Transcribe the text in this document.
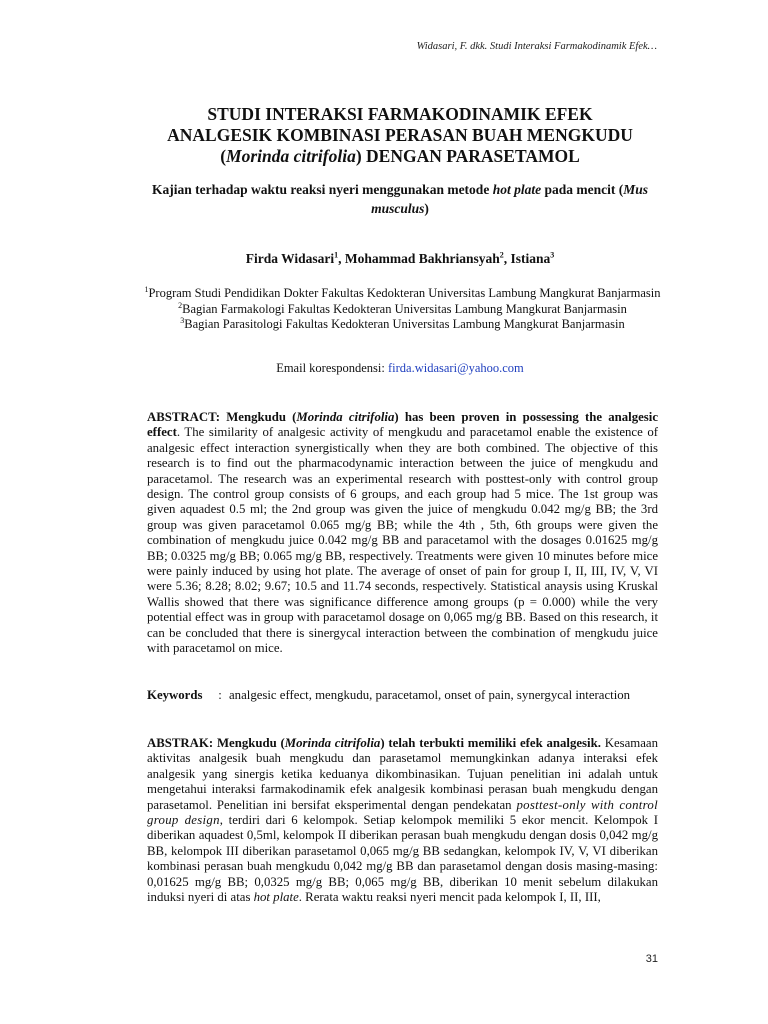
Widasari, F. dkk. Studi Interaksi Farmakodinamik Efek…
STUDI INTERAKSI FARMAKODINAMIK EFEK
ANALGESIK KOMBINASI PERASAN BUAH MENGKUDU
(Morinda citrifolia) DENGAN PARASETAMOL
Kajian terhadap waktu reaksi nyeri menggunakan metode hot plate pada mencit (Mus musculus)
Firda Widasari$^1$, Mohammad Bakhriansyah$^2$, Istiana$^3$
$^1$Program Studi Pendidikan Dokter Fakultas Kedokteran Universitas Lambung Mangkurat Banjarmasin
$^2$Bagian Farmakologi Fakultas Kedokteran Universitas Lambung Mangkurat Banjarmasin
$^3$Bagian Parasitologi Fakultas Kedokteran Universitas Lambung Mangkurat Banjarmasin
Email korespondensi: firda.widasari@yahoo.com

ABSTRACT: Mengkudu (Morinda citrifolia) has been proven in possessing the analgesic effect. The similarity of analgesic activity of mengkudu and paracetamol enable the existence of analgesic effect interaction synergistically when they are both combined. The objective of this research is to find out the pharmacodynamic interaction between the juice of mengkudu and paracetamol. The research was an experimental research with posttest-only with control group design. The control group consists of 6 groups, and each group had 5 mice. The 1st group was given aquadest 0.5 ml; the 2nd group was given the juice of mengkudu 0.042 mg/g BB; the 3rd group was given paracetamol 0.065 mg/g BB; while the 4th , 5th, 6th groups were given the combination of mengkudu juice 0.042 mg/g BB and paracetamol with the dosages 0.01625 mg/g BB; 0.0325 mg/g BB; 0.065 mg/g BB, respectively. Treatments were given 10 minutes before mice were painly induced by using hot plate. The average of onset of pain for group I, II, III, IV, V, VI were 5.36; 8.28; 8.02; 9.67; 10.5 and 11.74 seconds, respectively. Statistical anaysis using Kruskal Wallis showed that there was significance difference among groups (p = 0.000) while the very potential effect was in group with paracetamol dosage on 0,065 mg/g BB. Based on this research, it can be concluded that there is sinergycal interaction between the combination of mengkudu juice with paracetamol on mice.

Keywords	: analgesic effect, mengkudu, paracetamol, onset of pain, synergycal interaction

ABSTRAK: Mengkudu (Morinda citrifolia) telah terbukti memiliki efek analgesik. Kesamaan aktivitas analgesik buah mengkudu dan parasetamol memungkinkan adanya interaksi efek analgesik yang sinergis ketika keduanya dikombinasikan. Tujuan penelitian ini adalah untuk mengetahui interaksi farmakodinamik efek analgesik kombinasi perasan buah mengkudu dengan parasetamol. Penelitian ini bersifat eksperimental dengan pendekatan posttest-only with control group design, terdiri dari 6 kelompok. Setiap kelompok memiliki 5 ekor mencit. Kelompok I diberikan aquadest 0,5ml, kelompok II diberikan perasan buah mengkudu dengan dosis 0,042 mg/g BB, kelompok III diberikan parasetamol 0,065 mg/g BB sedangkan, kelompok IV, V, VI diberikan kombinasi perasan buah mengkudu 0,042 mg/g BB dan parasetamol dengan dosis masing-masing: 0,01625 mg/g BB; 0,0325 mg/g BB; 0,065 mg/g BB, diberikan 10 menit sebelum dilakukan induksi nyeri di atas hot plate. Rerata waktu reaksi nyeri mencit pada kelompok I, II, III,

31
